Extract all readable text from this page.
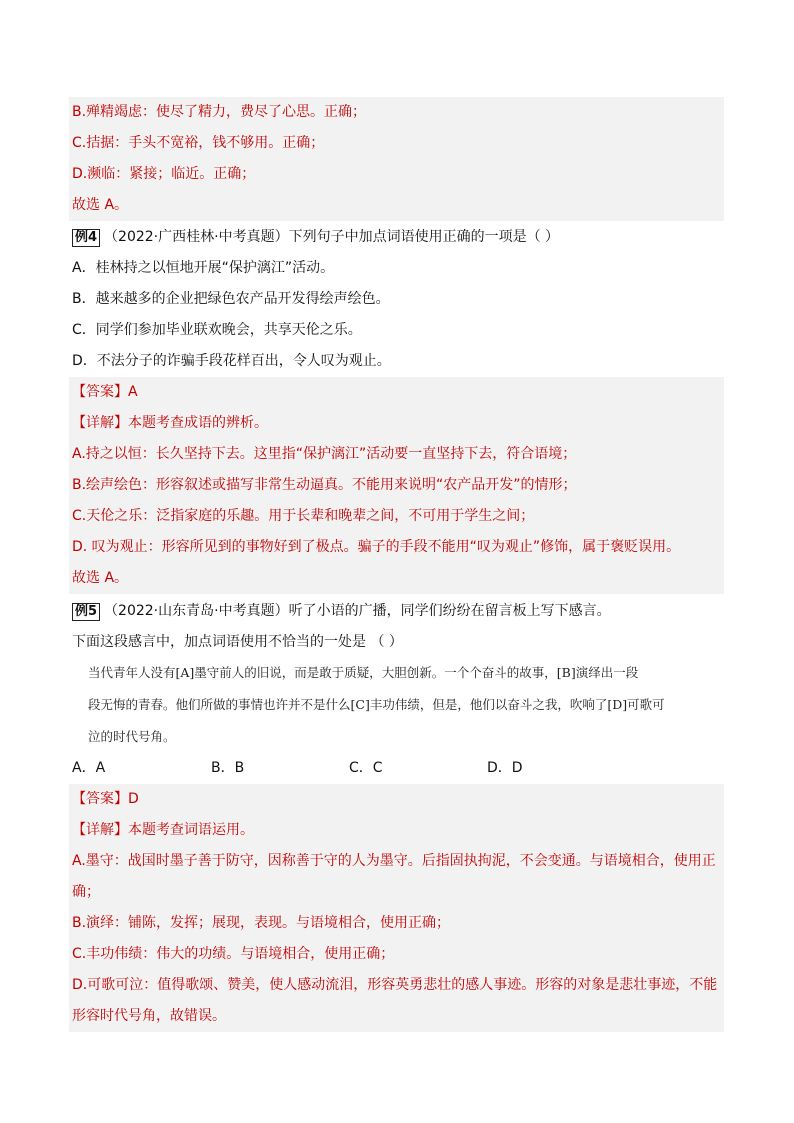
B.殚精竭虑：使尽了精力，费尽了心思。正确；
C.拮据：手头不宽裕，钱不够用。正确；
D.濒临：紧接；临近。正确；
故选 A。
例4 （2022·广西桂林·中考真题）下列句子中加点词语使用正确的一项是（ ）
A．桂林持之以恒地开展“保护漓江”活动。
B．越来越多的企业把绿色农产品开发得绘声绘色。
C．同学们参加毕业联欢晚会，共享天伦之乐。
D．不法分子的诈骗手段花样百出，令人叹为观止。
【答案】A
【详解】本题考查成语的辨析。
A.持之以恒：长久坚持下去。这里指“保护漓江”活动要一直坚持下去，符合语境；
B.绘声绘色：形容叙述或描写非常生动逼真。不能用来说明“农产品开发”的情形；
C.天伦之乐：泛指家庭的乐趣。用于长辈和晚辈之间，不可用于学生之间；
D. 叹为观止：形容所见到的事物好到了极点。骗子的手段不能用“叹为观止”修饰，属于褒贬误用。
故选 A。
例5 （2022·山东青岛·中考真题）听了小语的广播，同学们纷纷在留言板上写下感言。
下面这段感言中，加点词语使用不恰当的一处是 （ ）
当代青年人没有[A]墨守前人的旧说，而是敢于质疑，大胆创新。一个个奋斗的故事，[B]演绎出一段
段无悔的青春。他们所做的事情也许并不是什么[C]丰功伟绩，但是，他们以奋斗之我，吹响了[D]可歌可
泣的时代号角。
A．A	B．B	C．C	D．D
【答案】D
【详解】本题考查词语运用。
A.墨守：战国时墨子善于防守，因称善于守的人为墨守。后指固执拘泥，不会变通。与语境相合，使用正
确；
B.演绎：铺陈，发挥；展现，表现。与语境相合，使用正确；
C.丰功伟绩：伟大的功绩。与语境相合，使用正确；
D.可歌可泣：值得歌颂、赞美，使人感动流泪，形容英勇悲壮的感人事迹。形容的对象是悲壮事迹，不能
形容时代号角，故错误。
